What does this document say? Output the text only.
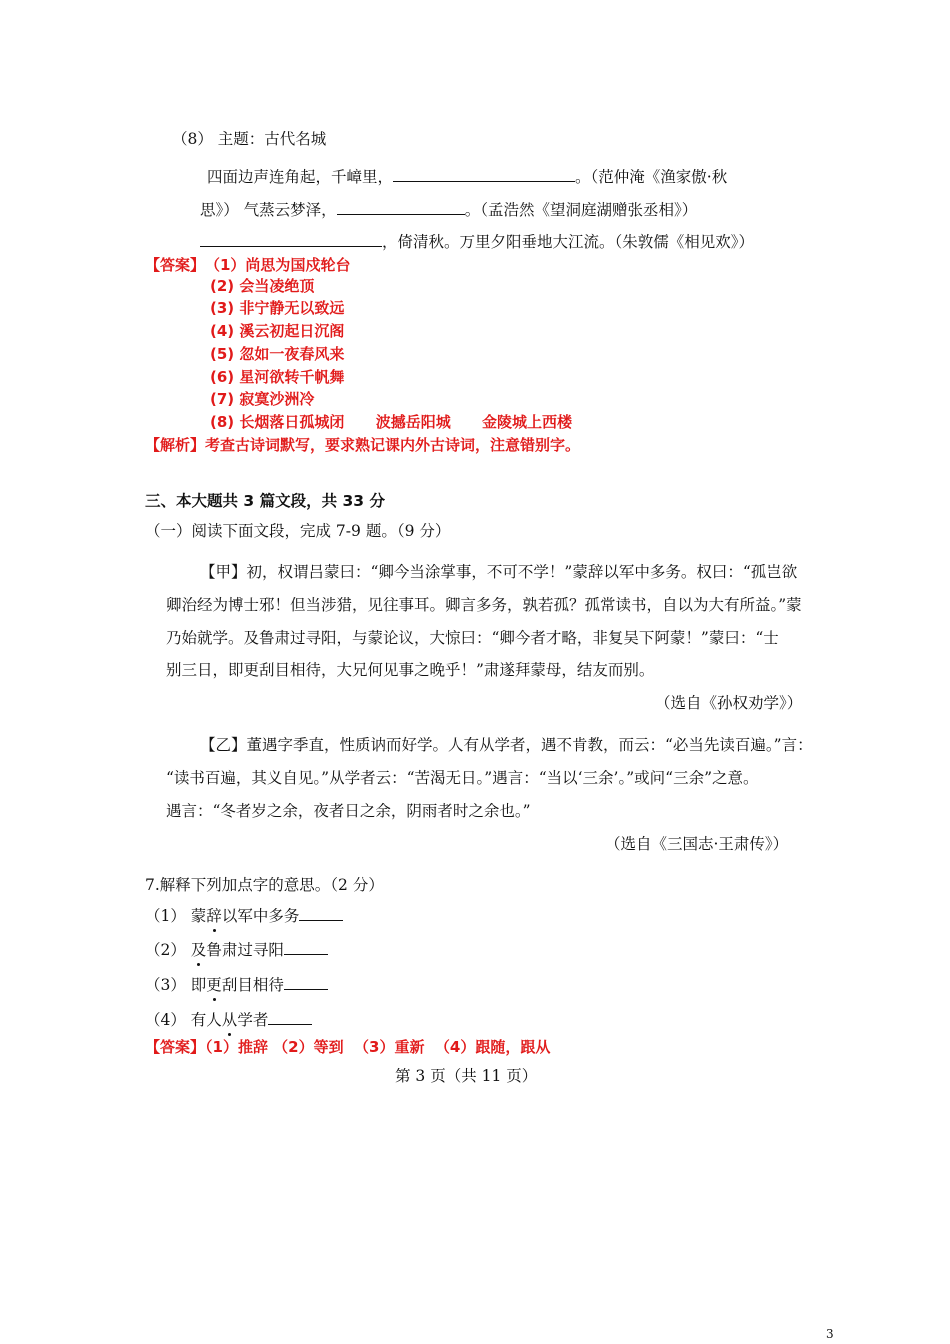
（8） 主题：古代名城
四面边声连角起，千嶂里，	。（范仲淹《渔家傲·秋
思》） 气蒸云梦泽，	。（孟浩然《望洞庭湖赠张丞相》）
，倚清秋。万里夕阳垂地大江流。（朱敦儒《相见欢》）
【答案】 （1）尚思为国戍轮台
(2) 会当凌绝顶
(3) 非宁静无以致远
(4) 溪云初起日沉阁
(5) 忽如一夜春风来
(6) 星河欲转千帆舞
(7) 寂寞沙洲冷
(8) 长烟落日孤城闭      波撼岳阳城      金陵城上西楼
【解析】考查古诗词默写，要求熟记课内外古诗词，注意错别字。
三、本大题共 3 篇文段，共 33 分
（一）阅读下面文段，完成 7-9 题。（9 分）
【甲】初，权谓吕蒙曰：“卿今当涂掌事，不可不学！”蒙辞以军中多务。权曰：“孤岂欲
卿治经为博士邪！但当涉猎，见往事耳。卿言多务，孰若孤？孤常读书，自以为大有所益。”蒙
乃始就学。及鲁肃过寻阳，与蒙论议，大惊曰：“卿今者才略，非复吴下阿蒙！”蒙曰：“士
别三日，即更刮目相待，大兄何见事之晚乎！”肃遂拜蒙母，结友而别。
（选自《孙权劝学》）
【乙】董遇字季直，性质讷而好学。人有从学者，遇不肯教，而云：“必当先读百遍。”言：
“读书百遍，其义自见。”从学者云：“苦渴无日。”遇言：“当以‘三余’。”或问“三余”之意。
遇言：“冬者岁之余，夜者日之余，阴雨者时之余也。”
（选自《三国志·王肃传》）
7.解释下列加点字的意思。（2 分）
（1） 蒙辞以军中多务
（2） 及鲁肃过寻阳
（3） 即更刮目相待
（4） 有人从学者
【答案】（1）推辞 （2）等到  （3）重新  （4）跟随，跟从
第 3 页（共 11 页）
3
